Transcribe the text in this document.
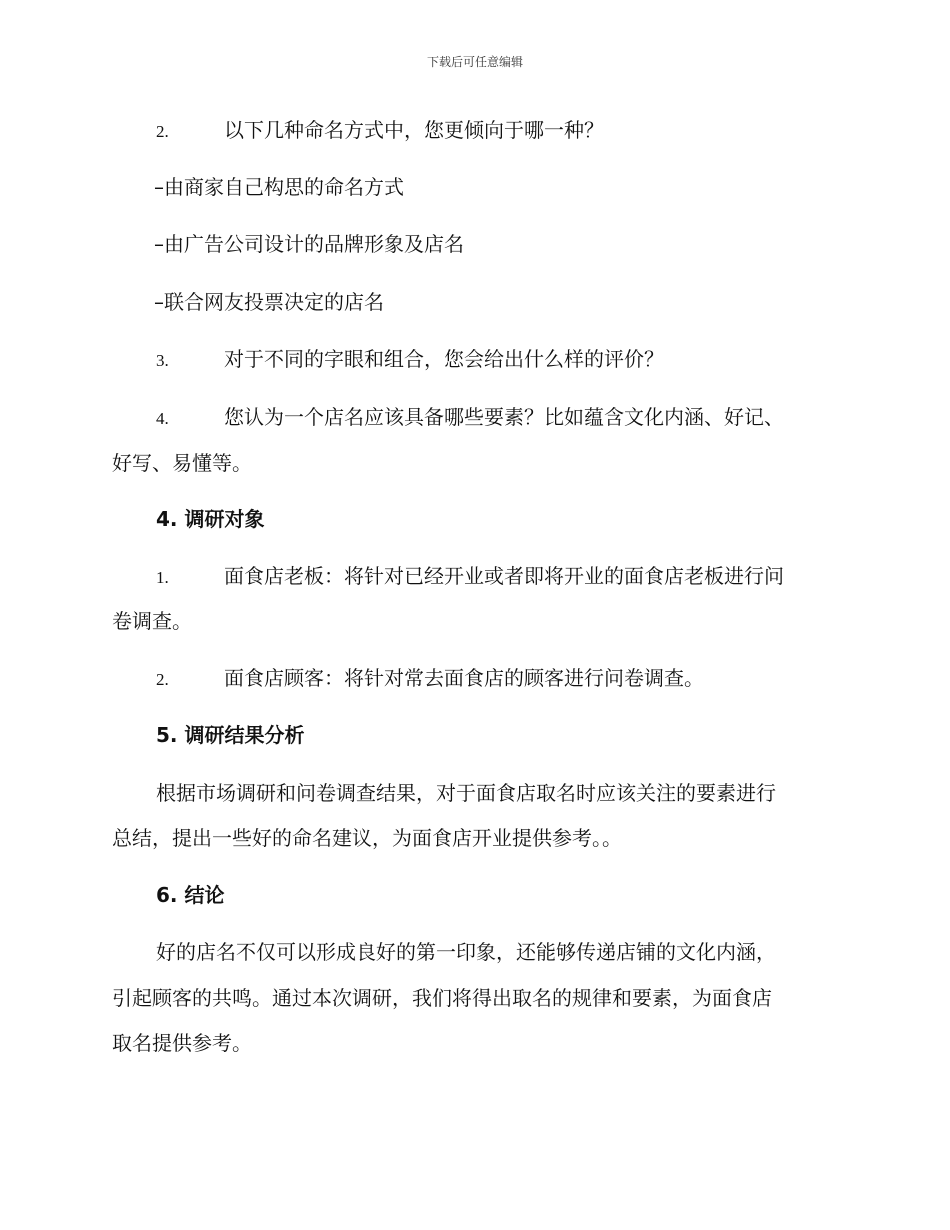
下载后可任意编辑
2.	以下几种命名方式中，您更倾向于哪一种？
–由商家自己构思的命名方式
–由广告公司设计的品牌形象及店名
–联合网友投票决定的店名
3.	对于不同的字眼和组合，您会给出什么样的评价？
4.	您认为一个店名应该具备哪些要素？比如蕴含文化内涵、好记、
好写、易懂等。
4. 调研对象
1.	面食店老板：将针对已经开业或者即将开业的面食店老板进行问
卷调查。
2.	面食店顾客：将针对常去面食店的顾客进行问卷调查。
5. 调研结果分析
根据市场调研和问卷调查结果，对于面食店取名时应该关注的要素进行
总结，提出一些好的命名建议，为面食店开业提供参考。。
6. 结论
好的店名不仅可以形成良好的第一印象，还能够传递店铺的文化内涵，
引起顾客的共鸣。通过本次调研，我们将得出取名的规律和要素，为面食店
取名提供参考。
